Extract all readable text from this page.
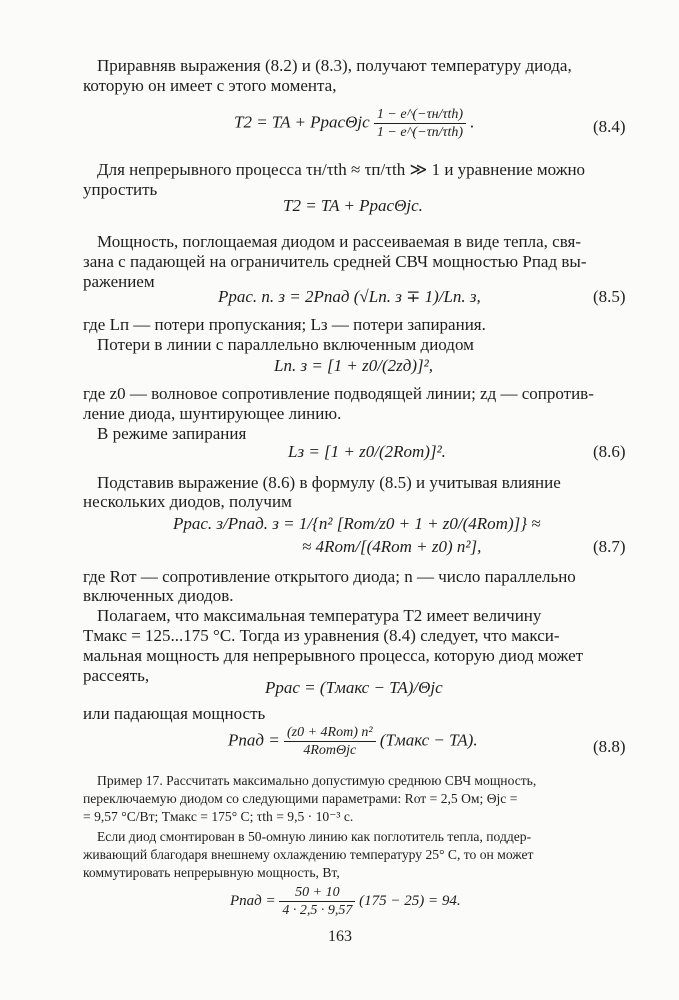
Приравняв выражения (8.2) и (8.3), получают температуру диода,
которую он имеет с этого момента,
T2 = TA + PрасΘjc $\frac{\text{1 − e\textasciicircum{}(−τн/τth)}}{\text{1 − e\textasciicircum{}(−τп/τth)}}$ .	(8.4)
Для непрерывного процесса τн/τth ≈ τп/τth ≫ 1 и уравнение можно
упростить
T2 = TA + PрасΘjc.
Мощность, поглощаемая диодом и рассеиваемая в виде тепла, свя-
зана с падающей на ограничитель средней СВЧ мощностью Pпад вы-
ражением
Pрас. п. з = 2Pпад (√Lп. з ∓ 1)/Lп. з,	(8.5)
где Lп — потери пропускания; Lз — потери запирания.
Потери в линии с параллельно включенным диодом
Lп. з = [1 + z0/(2zд)]²,
где z0 — волновое сопротивление подводящей линии; zд — сопротив-
ление диода, шунтирующее линию.
В режиме запирания
Lз = [1 + z0/(2Rот)]².	(8.6)
Подставив выражение (8.6) в формулу (8.5) и учитывая влияние
нескольких диодов, получим
Pрас. з/Pпад. з = 1/{n² [Rот/z0 + 1 + z0/(4Rот)]} ≈
≈ 4Rот/[(4Rот + z0) n²],	(8.7)
где Rот — сопротивление открытого диода; n — число параллельно
включенных диодов.
Полагаем, что максимальная температура T2 имеет величину
Tмакс = 125...175 °C. Тогда из уравнения (8.4) следует, что макси-
мальная мощность для непрерывного процесса, которую диод может
рассеять,
Pрас = (Tмакс − TA)/Θjc
или падающая мощность
Pпад = $\frac{\text{(z0 + 4Rот) n²}}{\text{4RотΘjc}}$ (Tмакс − TA).	(8.8)
Пример 17. Рассчитать максимально допустимую среднюю СВЧ мощность,
переключаемую диодом со следующими параметрами: Rот = 2,5 Ом; Θjc =
= 9,57 °C/Вт; Tмакс = 175° C; τth = 9,5 · 10⁻³ с.
Если диод смонтирован в 50-омную линию как поглотитель тепла, поддер-
живающий благодаря внешнему охлаждению температуру 25° C, то он может
коммутировать непрерывную мощность, Вт,
Pпад = $\frac{50 + 10}{4 \cdot 2,5 \cdot 9,57} (175 - 25) = 94$.
163
